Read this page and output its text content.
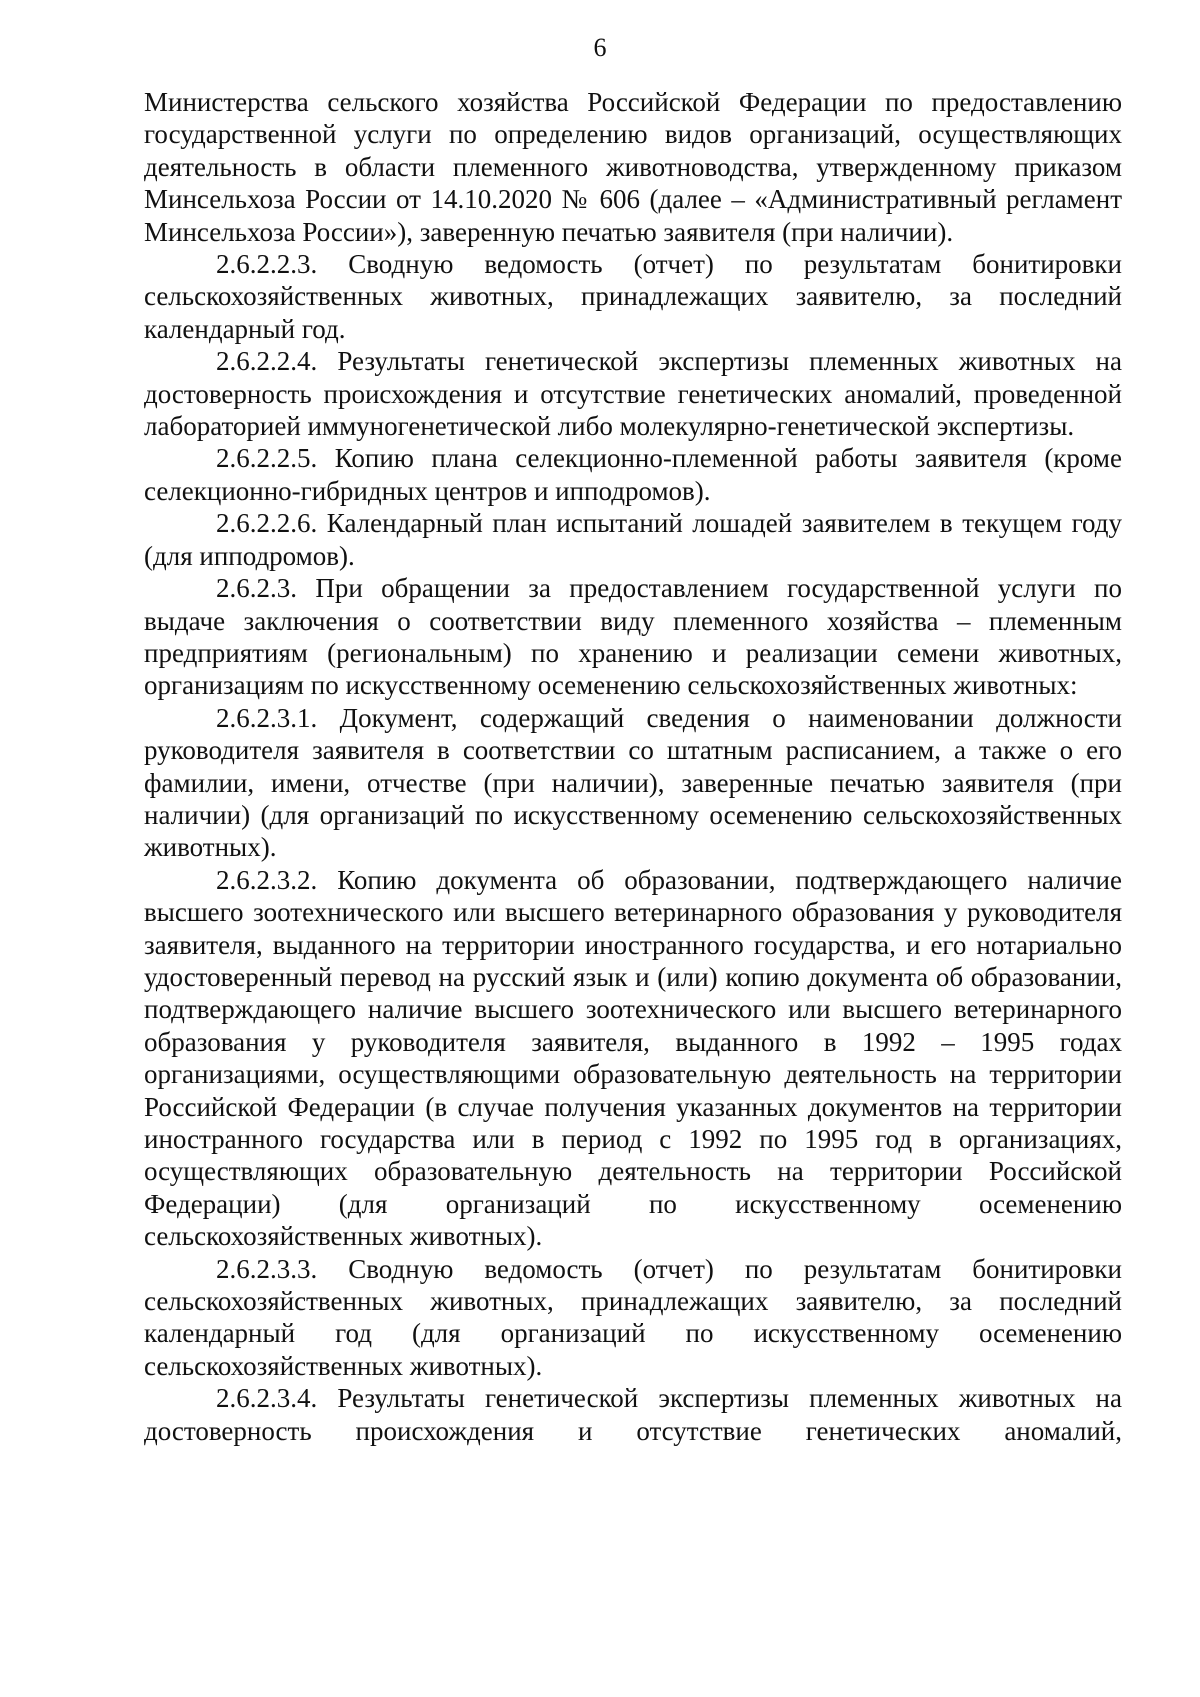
6

Министерства сельского хозяйства Российской Федерации по предоставлению государственной услуги по определению видов организаций, осуществляющих деятельность в области племенного животноводства, утвержденному приказом Минсельхоза России от 14.10.2020 № 606 (далее – «Административный регламент Минсельхоза России»), заверенную печатью заявителя (при наличии).

2.6.2.2.3. Сводную ведомость (отчет) по результатам бонитировки сельскохозяйственных животных, принадлежащих заявителю, за последний календарный год.

2.6.2.2.4. Результаты генетической экспертизы племенных животных на достоверность происхождения и отсутствие генетических аномалий, проведенной лабораторией иммуногенетической либо молекулярно-генетической экспертизы.

2.6.2.2.5. Копию плана селекционно-племенной работы заявителя (кроме селекционно-гибридных центров и ипподромов).

2.6.2.2.6. Календарный план испытаний лошадей заявителем в текущем году (для ипподромов).

2.6.2.3. При обращении за предоставлением государственной услуги по выдаче заключения о соответствии виду племенного хозяйства – племенным предприятиям (региональным) по хранению и реализации семени животных, организациям по искусственному осеменению сельскохозяйственных животных:

2.6.2.3.1. Документ, содержащий сведения о наименовании должности руководителя заявителя в соответствии со штатным расписанием, а также о его фамилии, имени, отчестве (при наличии), заверенные печатью заявителя (при наличии) (для организаций по искусственному осеменению сельскохозяйственных животных).

2.6.2.3.2. Копию документа об образовании, подтверждающего наличие высшего зоотехнического или высшего ветеринарного образования у руководителя заявителя, выданного на территории иностранного государства, и его нотариально удостоверенный перевод на русский язык и (или) копию документа об образовании, подтверждающего наличие высшего зоотехнического или высшего ветеринарного образования у руководителя заявителя, выданного в 1992 – 1995 годах организациями, осуществляющими образовательную деятельность на территории Российской Федерации (в случае получения указанных документов на территории иностранного государства или в период с 1992 по 1995 год в организациях, осуществляющих образовательную деятельность на территории Российской Федерации) (для организаций по искусственному осеменению сельскохозяйственных животных).

2.6.2.3.3. Сводную ведомость (отчет) по результатам бонитировки сельскохозяйственных животных, принадлежащих заявителю, за последний календарный год (для организаций по искусственному осеменению сельскохозяйственных животных).

2.6.2.3.4. Результаты генетической экспертизы племенных животных на достоверность происхождения и отсутствие генетических аномалий,
